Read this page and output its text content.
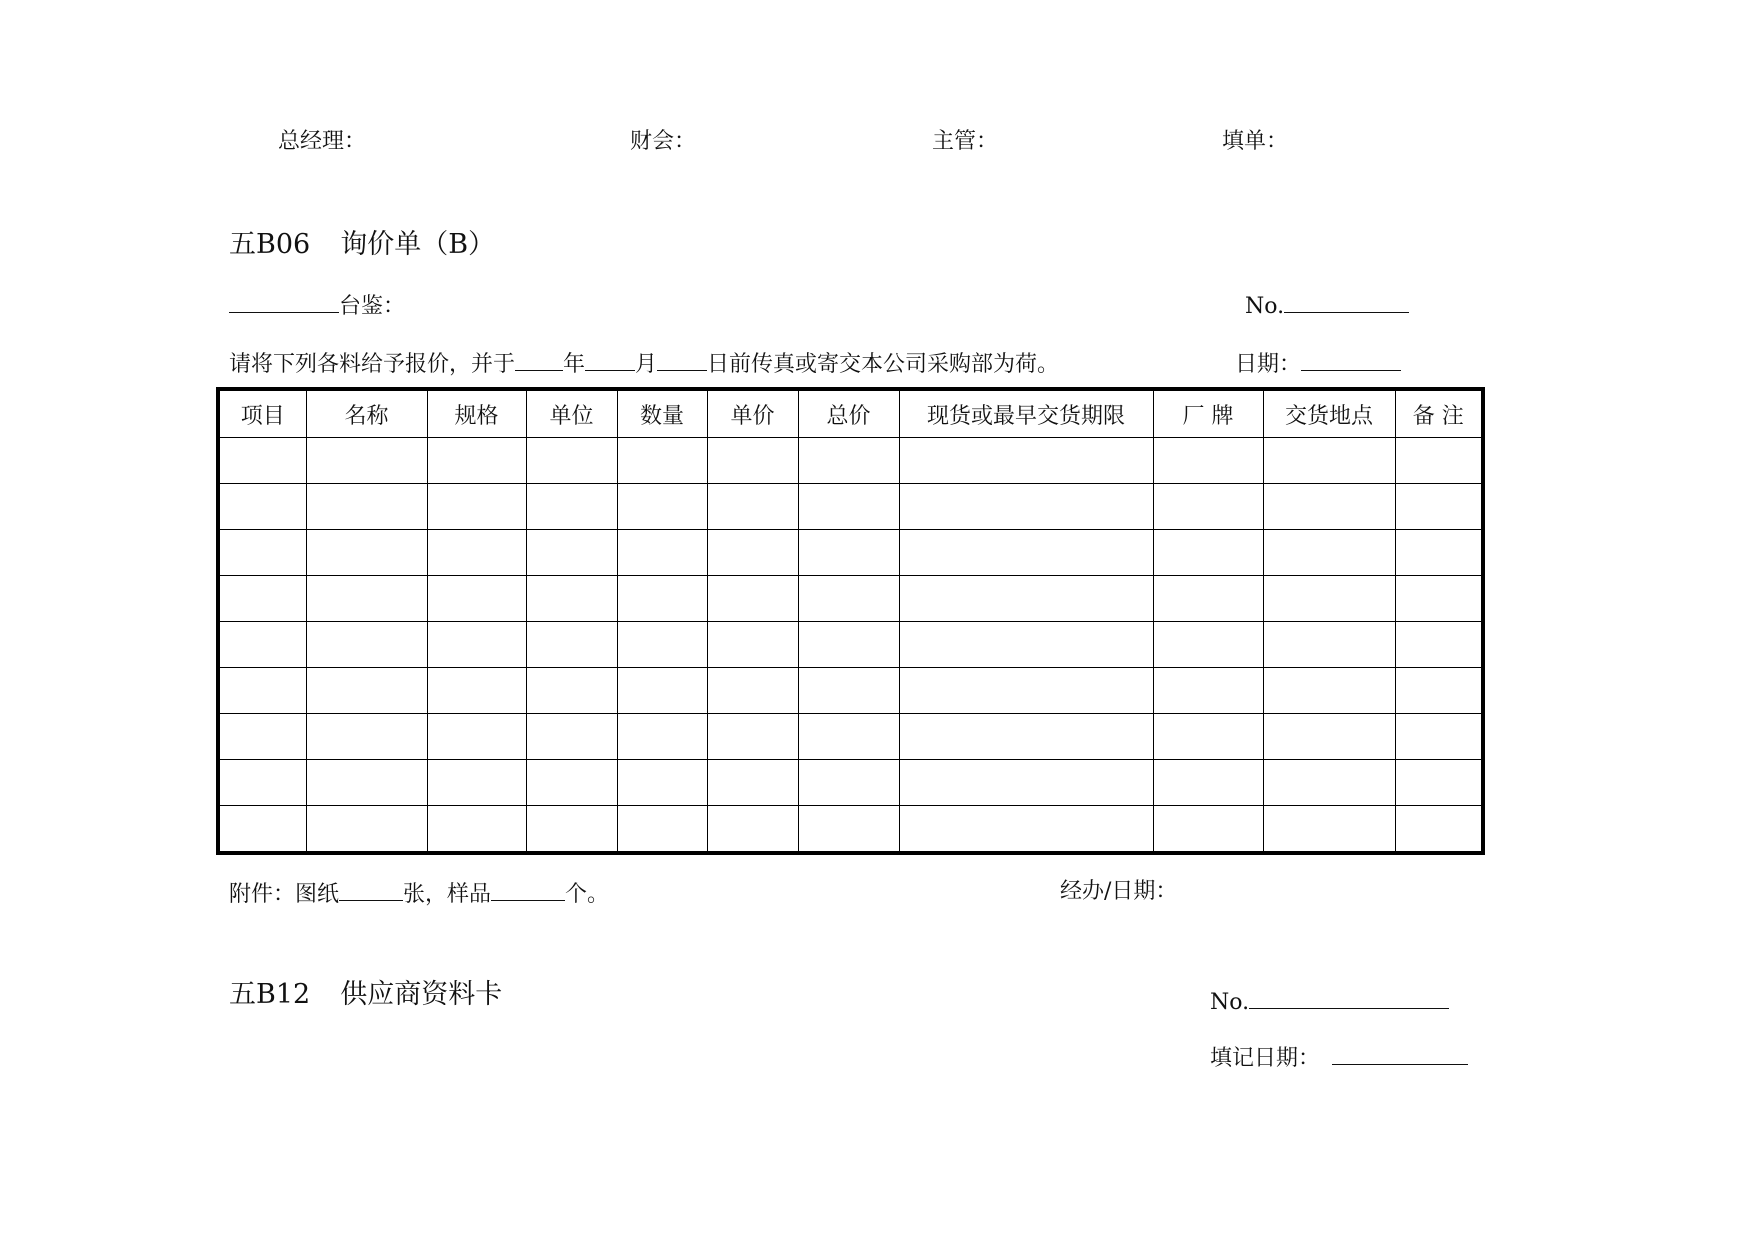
总经理：	财会：	主管：	填单：
五B06 询价单（B）
台鉴：	No.
请将下列各料给予报价，并于 年 月 日前传真或寄交本公司采购部为荷。	日期：
项目	名称	规格	单位	数量	单价	总价	现货或最早交货期限	厂 牌	交货地点	备 注

附件：图纸	张，样品	个。	经办/日期：
五B12 供应商资料卡	No.
填记日期：
